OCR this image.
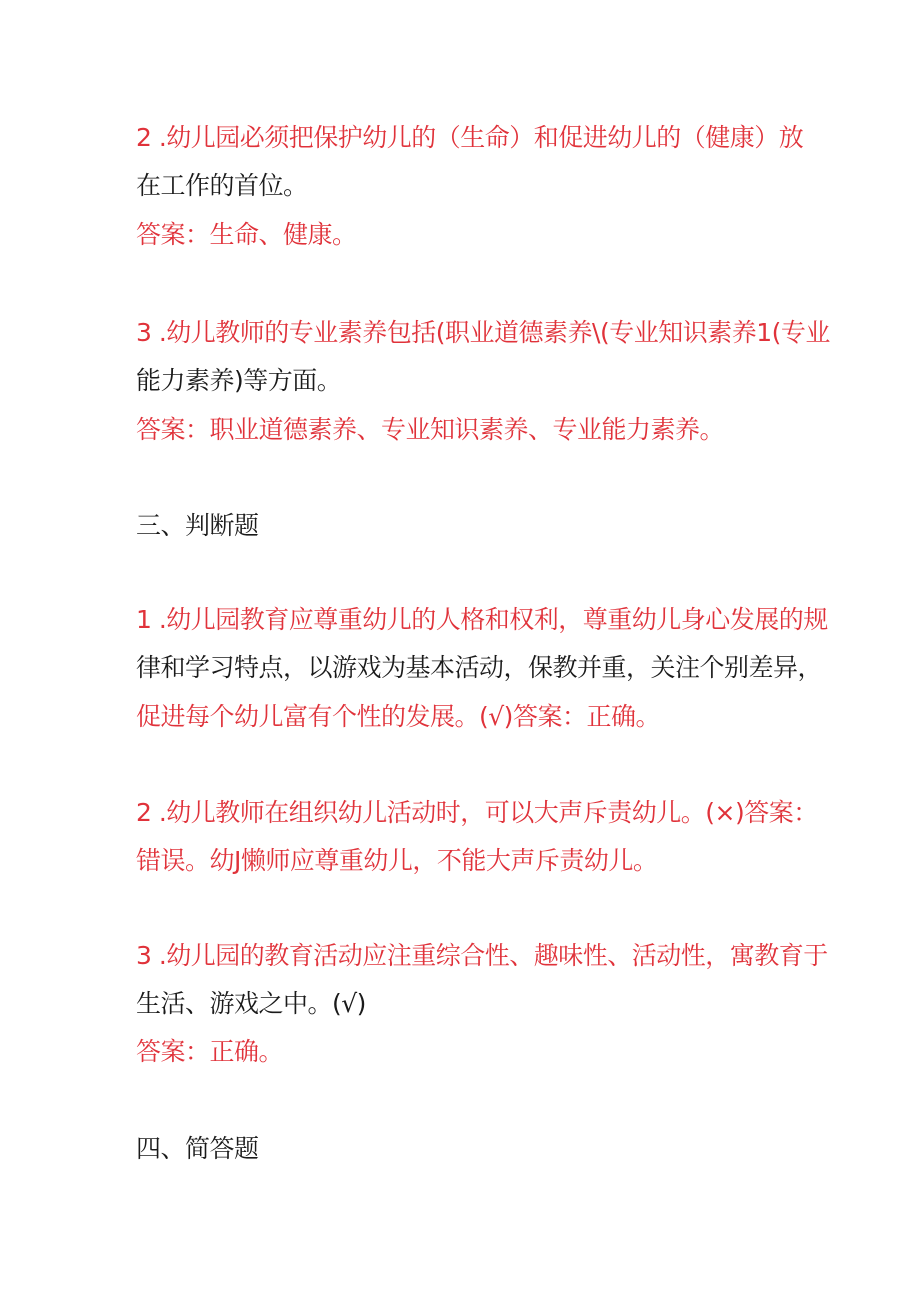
2 .幼儿园必须把保护幼儿的（生命）和促进幼儿的（健康）放
在工作的首位。
答案：生命、健康。
3 .幼儿教师的专业素养包括(职业道德素养\(专业知识素养1(专业
能力素养)等方面。
答案：职业道德素养、专业知识素养、专业能力素养。
三、判断题
1 .幼儿园教育应尊重幼儿的人格和权利，尊重幼儿身心发展的规
律和学习特点，以游戏为基本活动，保教并重，关注个别差异，
促进每个幼儿富有个性的发展。(√)答案：正确。
2 .幼儿教师在组织幼儿活动时，可以大声斥责幼儿。(×)答案：
错误。幼J懒师应尊重幼儿，不能大声斥责幼儿。
3 .幼儿园的教育活动应注重综合性、趣味性、活动性，寓教育于
生活、游戏之中。(√)
答案：正确。
四、简答题
